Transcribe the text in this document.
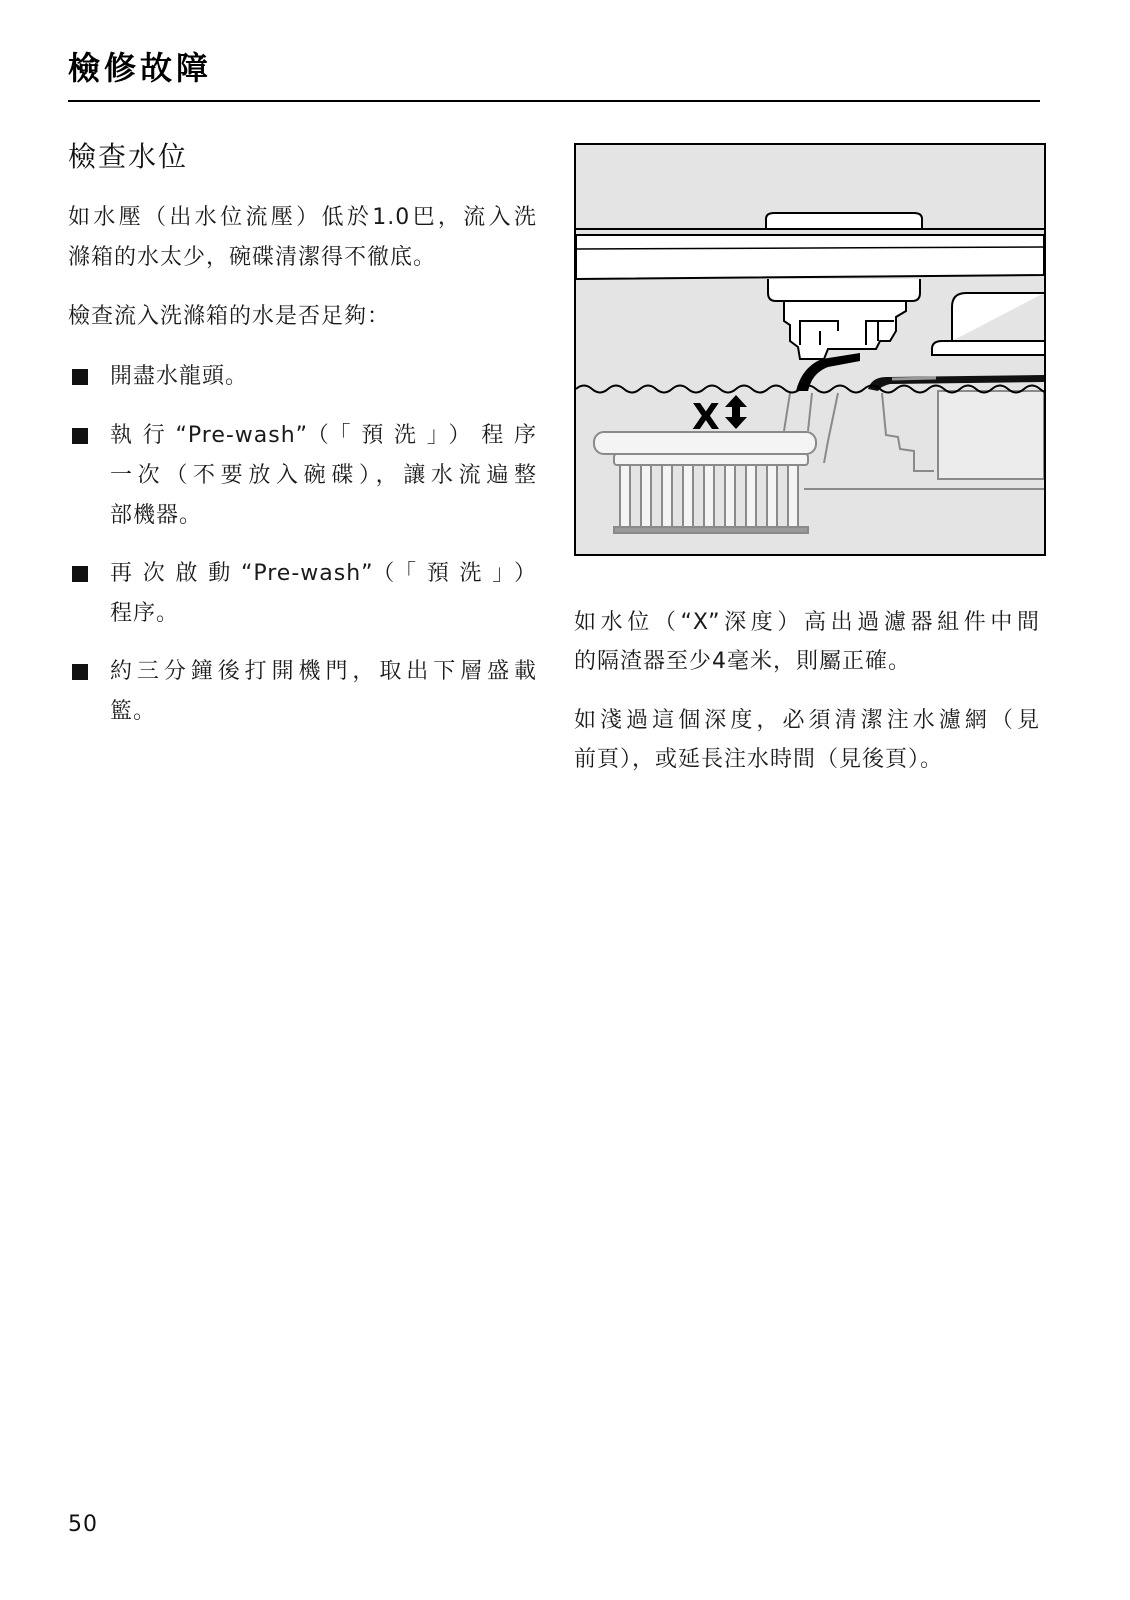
檢修故障
檢查水位
如水壓（出水位流壓）低於1.0巴，流入洗
滌箱的水太少，碗碟清潔得不徹底。
檢查流入洗滌箱的水是否足夠：
開盡水龍頭。
執行“Pre-wash”（「預洗」）程序
一次（不要放入碗碟），讓水流遍整
部機器。
再次啟動“Pre-wash”（「預洗」）
程序。
約三分鐘後打開機門，取出下層盛載
籃。
X
如水位（“X”深度）高出過濾器組件中間
的隔渣器至少4毫米，則屬正確。
如淺過這個深度，必須清潔注水濾網（見
前頁），或延長注水時間（見後頁）。
50
